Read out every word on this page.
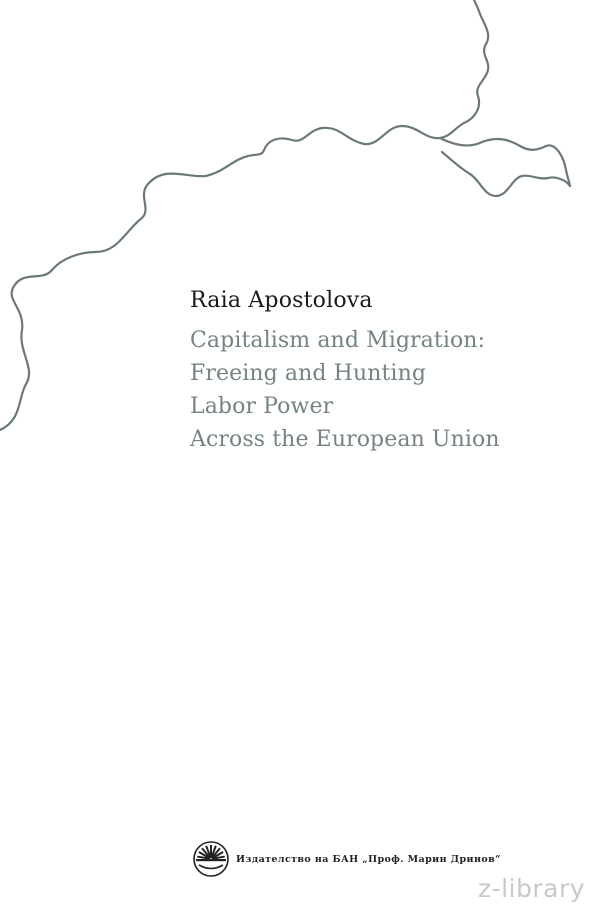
Raia Apostolova
Capitalism and Migration:
Freeing and Hunting
Labor Power
Across the European Union
Издателство на БАН „Проф. Марин Дринов“
z-library
